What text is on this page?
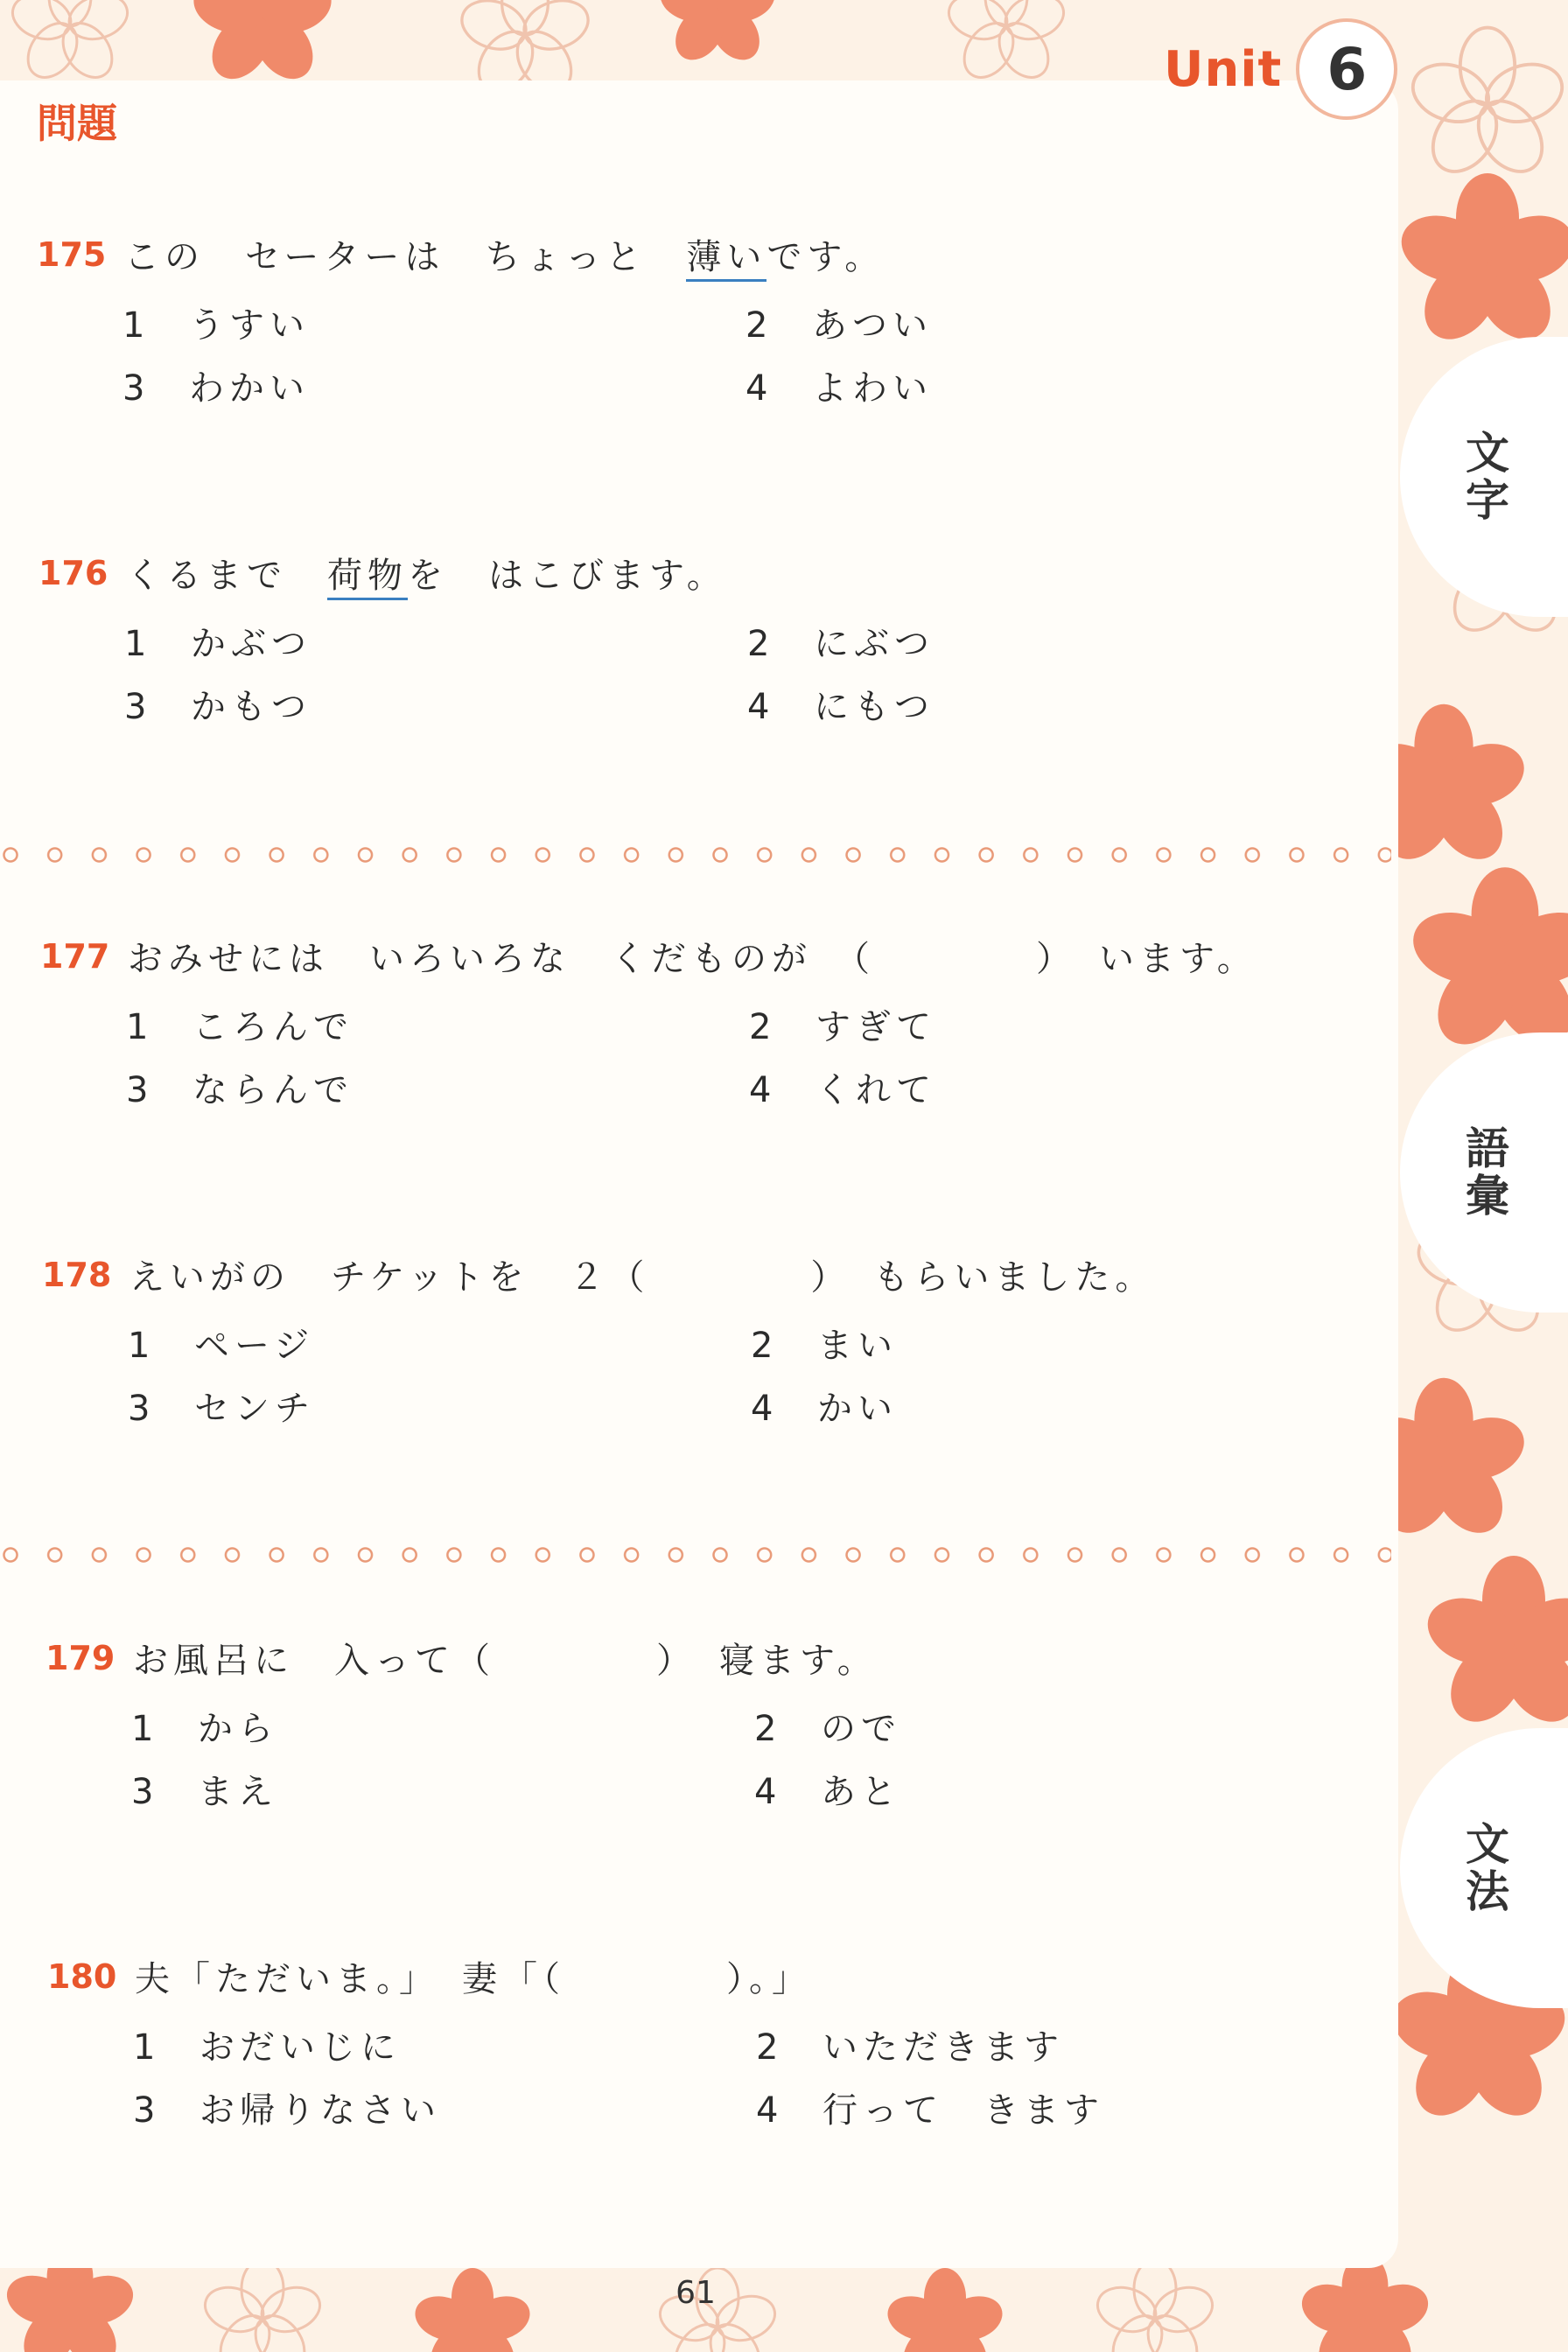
Unit 6
問題
文字
語彙
文法
175 この　セーターは　ちょっと　薄いです。
1 うすい	2 あつい
3 わかい	4 よわい
176 くるまで　荷物を　はこびます。
1 かぶつ	2 にぶつ
3 かもつ	4 にもつ
177 おみせには　いろいろな　くだものが　（　　　　）　います。
1 ころんで	2 すぎて
3 ならんで	4 くれて
178 えいがの　チケットを　２（　　　　）　もらいました。
1 ページ	2 まい
3 センチ	4 かい
179 お風呂に　入って（　　　　）　寝ます。
1 から	2 ので
3 まえ	4 あと
180 夫「ただいま。」　妻「（　　　　）。」
1 おだいじに	2 いただきます
3 お帰りなさい	4 行って　きます
61
